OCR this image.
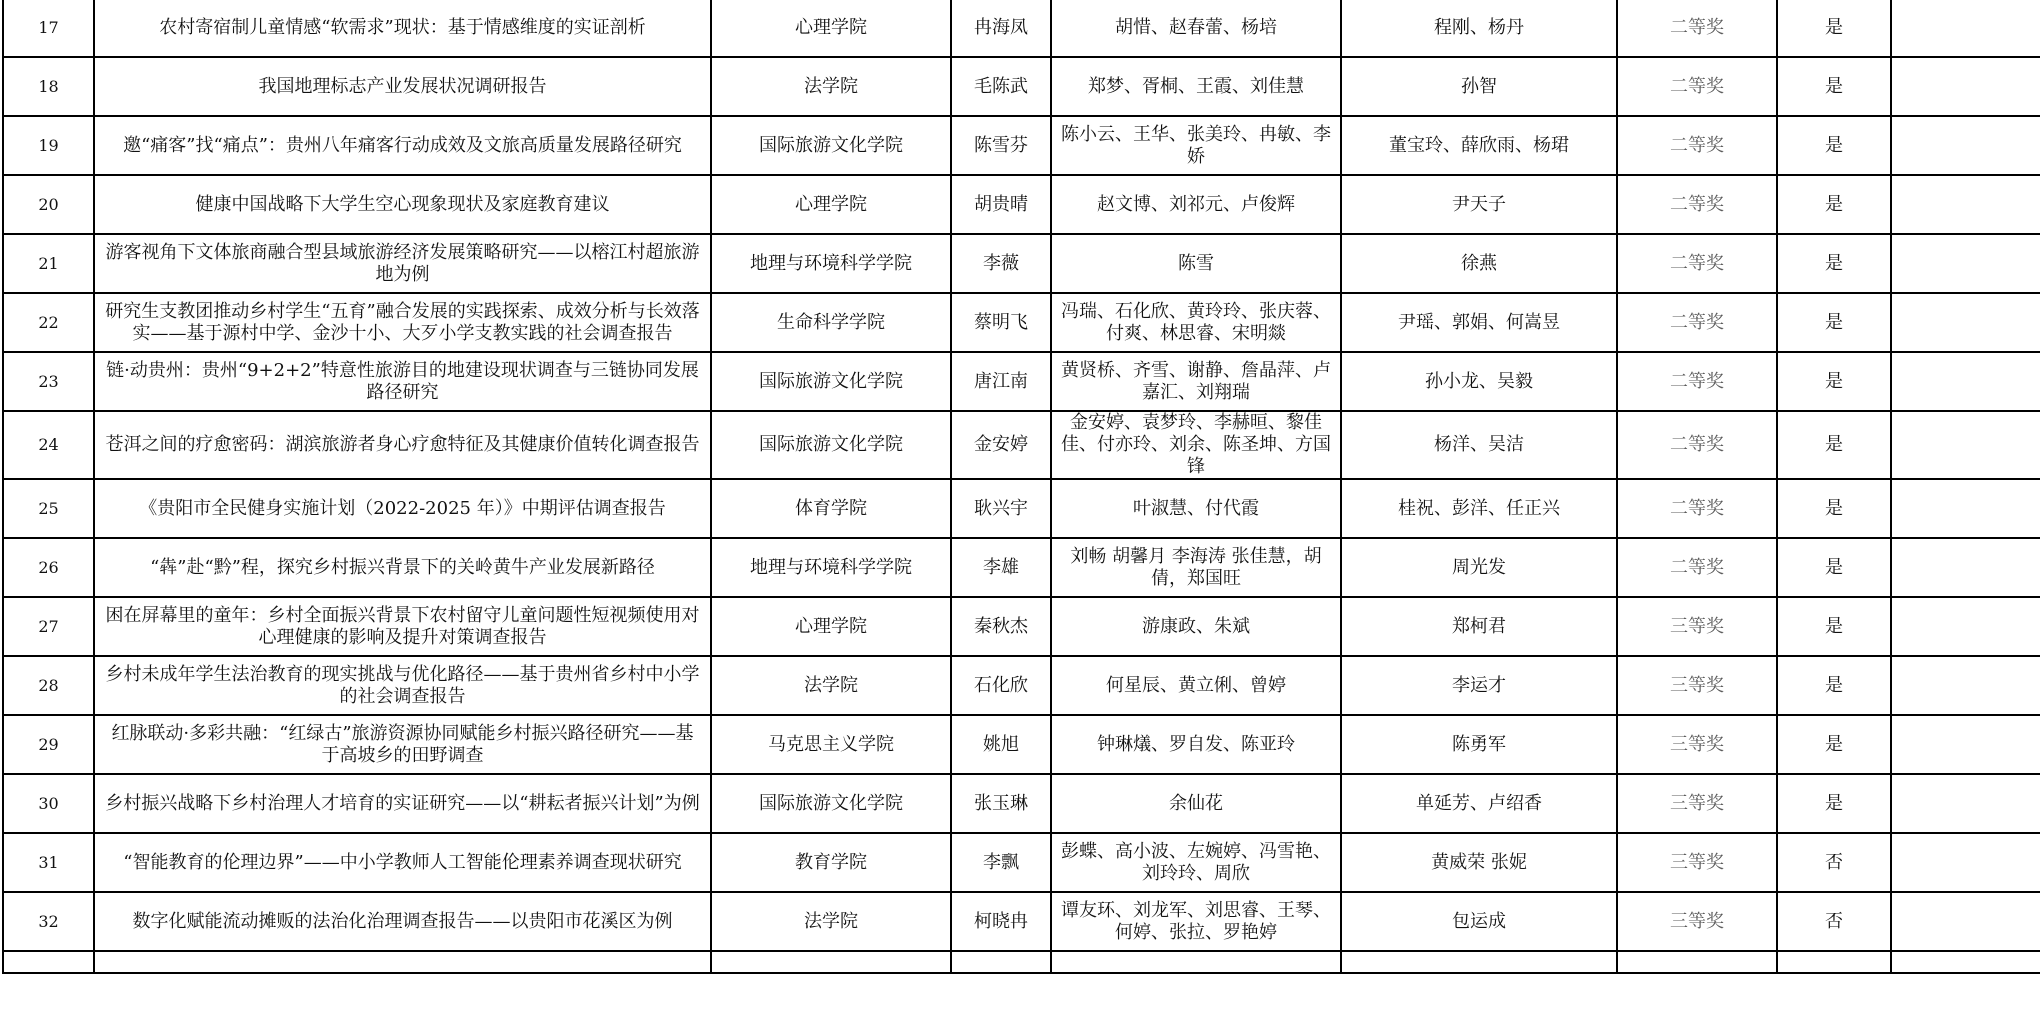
17	农村寄宿制儿童情感“软需求”现状：基于情感维度的实证剖析	心理学院	冉海凤	胡惜、赵春蕾、杨培	程刚、杨丹	二等奖	是	
18	我国地理标志产业发展状况调研报告	法学院	毛陈武	郑梦、胥桐、王霞、刘佳慧	孙智	二等奖	是	
19	邀“痛客”找“痛点”：贵州八年痛客行动成效及文旅高质量发展路径研究	国际旅游文化学院	陈雪芬	陈小云、王华、张美玲、冉敏、李娇	董宝玲、薛欣雨、杨珺	二等奖	是	
20	健康中国战略下大学生空心现象现状及家庭教育建议	心理学院	胡贵晴	赵文博、刘祁元、卢俊辉	尹天子	二等奖	是	
21	游客视角下文体旅商融合型县域旅游经济发展策略研究——以榕江村超旅游地为例	地理与环境科学学院	李薇	陈雪	徐燕	二等奖	是	
22	研究生支教团推动乡村学生“五育”融合发展的实践探索、成效分析与长效落实——基于源村中学、金沙十小、大歹小学支教实践的社会调查报告	生命科学学院	蔡明飞	冯瑞、石化欣、黄玲玲、张庆蓉、付爽、林思睿、宋明燚	尹瑶、郭娟、何嵩昱	二等奖	是	
23	链·动贵州：贵州“9+2+2”特意性旅游目的地建设现状调查与三链协同发展路径研究	国际旅游文化学院	唐江南	黄贤桥、齐雪、谢静、詹晶萍、卢嘉汇、刘翔瑞	孙小龙、吴毅	二等奖	是	
24	苍洱之间的疗愈密码：湖滨旅游者身心疗愈特征及其健康价值转化调查报告	国际旅游文化学院	金安婷	金安婷、袁梦玲、李赫晅、黎佳佳、付亦玲、刘余、陈圣坤、方国锋	杨洋、吴洁	二等奖	是	
25	《贵阳市全民健身实施计划（2022-2025 年）》中期评估调查报告	体育学院	耿兴宇	叶淑慧、付代霞	桂祝、彭洋、任正兴	二等奖	是	
26	“犇”赴“黔”程，探究乡村振兴背景下的关岭黄牛产业发展新路径	地理与环境科学学院	李雄	刘畅 胡馨月 李海涛 张佳慧，胡倩，郑国旺	周光发	二等奖	是	
27	困在屏幕里的童年：乡村全面振兴背景下农村留守儿童问题性短视频使用对心理健康的影响及提升对策调查报告	心理学院	秦秋杰	游康政、朱斌	郑柯君	三等奖	是	
28	乡村未成年学生法治教育的现实挑战与优化路径——基于贵州省乡村中小学的社会调查报告	法学院	石化欣	何星辰、黄立俐、曾婷	李运才	三等奖	是	
29	红脉联动·多彩共融：“红绿古”旅游资源协同赋能乡村振兴路径研究——基于高坡乡的田野调查	马克思主义学院	姚旭	钟琳燨、罗自发、陈亚玲	陈勇军	三等奖	是	
30	乡村振兴战略下乡村治理人才培育的实证研究——以“耕耘者振兴计划”为例	国际旅游文化学院	张玉琳	余仙花	单延芳、卢绍香	三等奖	是	
31	“智能教育的伦理边界”——中小学教师人工智能伦理素养调查现状研究	教育学院	李飘	彭蝶、高小波、左婉婷、冯雪艳、刘玲玲、周欣	黄威荣 张妮	三等奖	否	
32	数字化赋能流动摊贩的法治化治理调查报告——以贵阳市花溪区为例	法学院	柯晓冉	谭友环、刘龙军、刘思睿、王琴、何婷、张拉、罗艳婷	包运成	三等奖	否	
